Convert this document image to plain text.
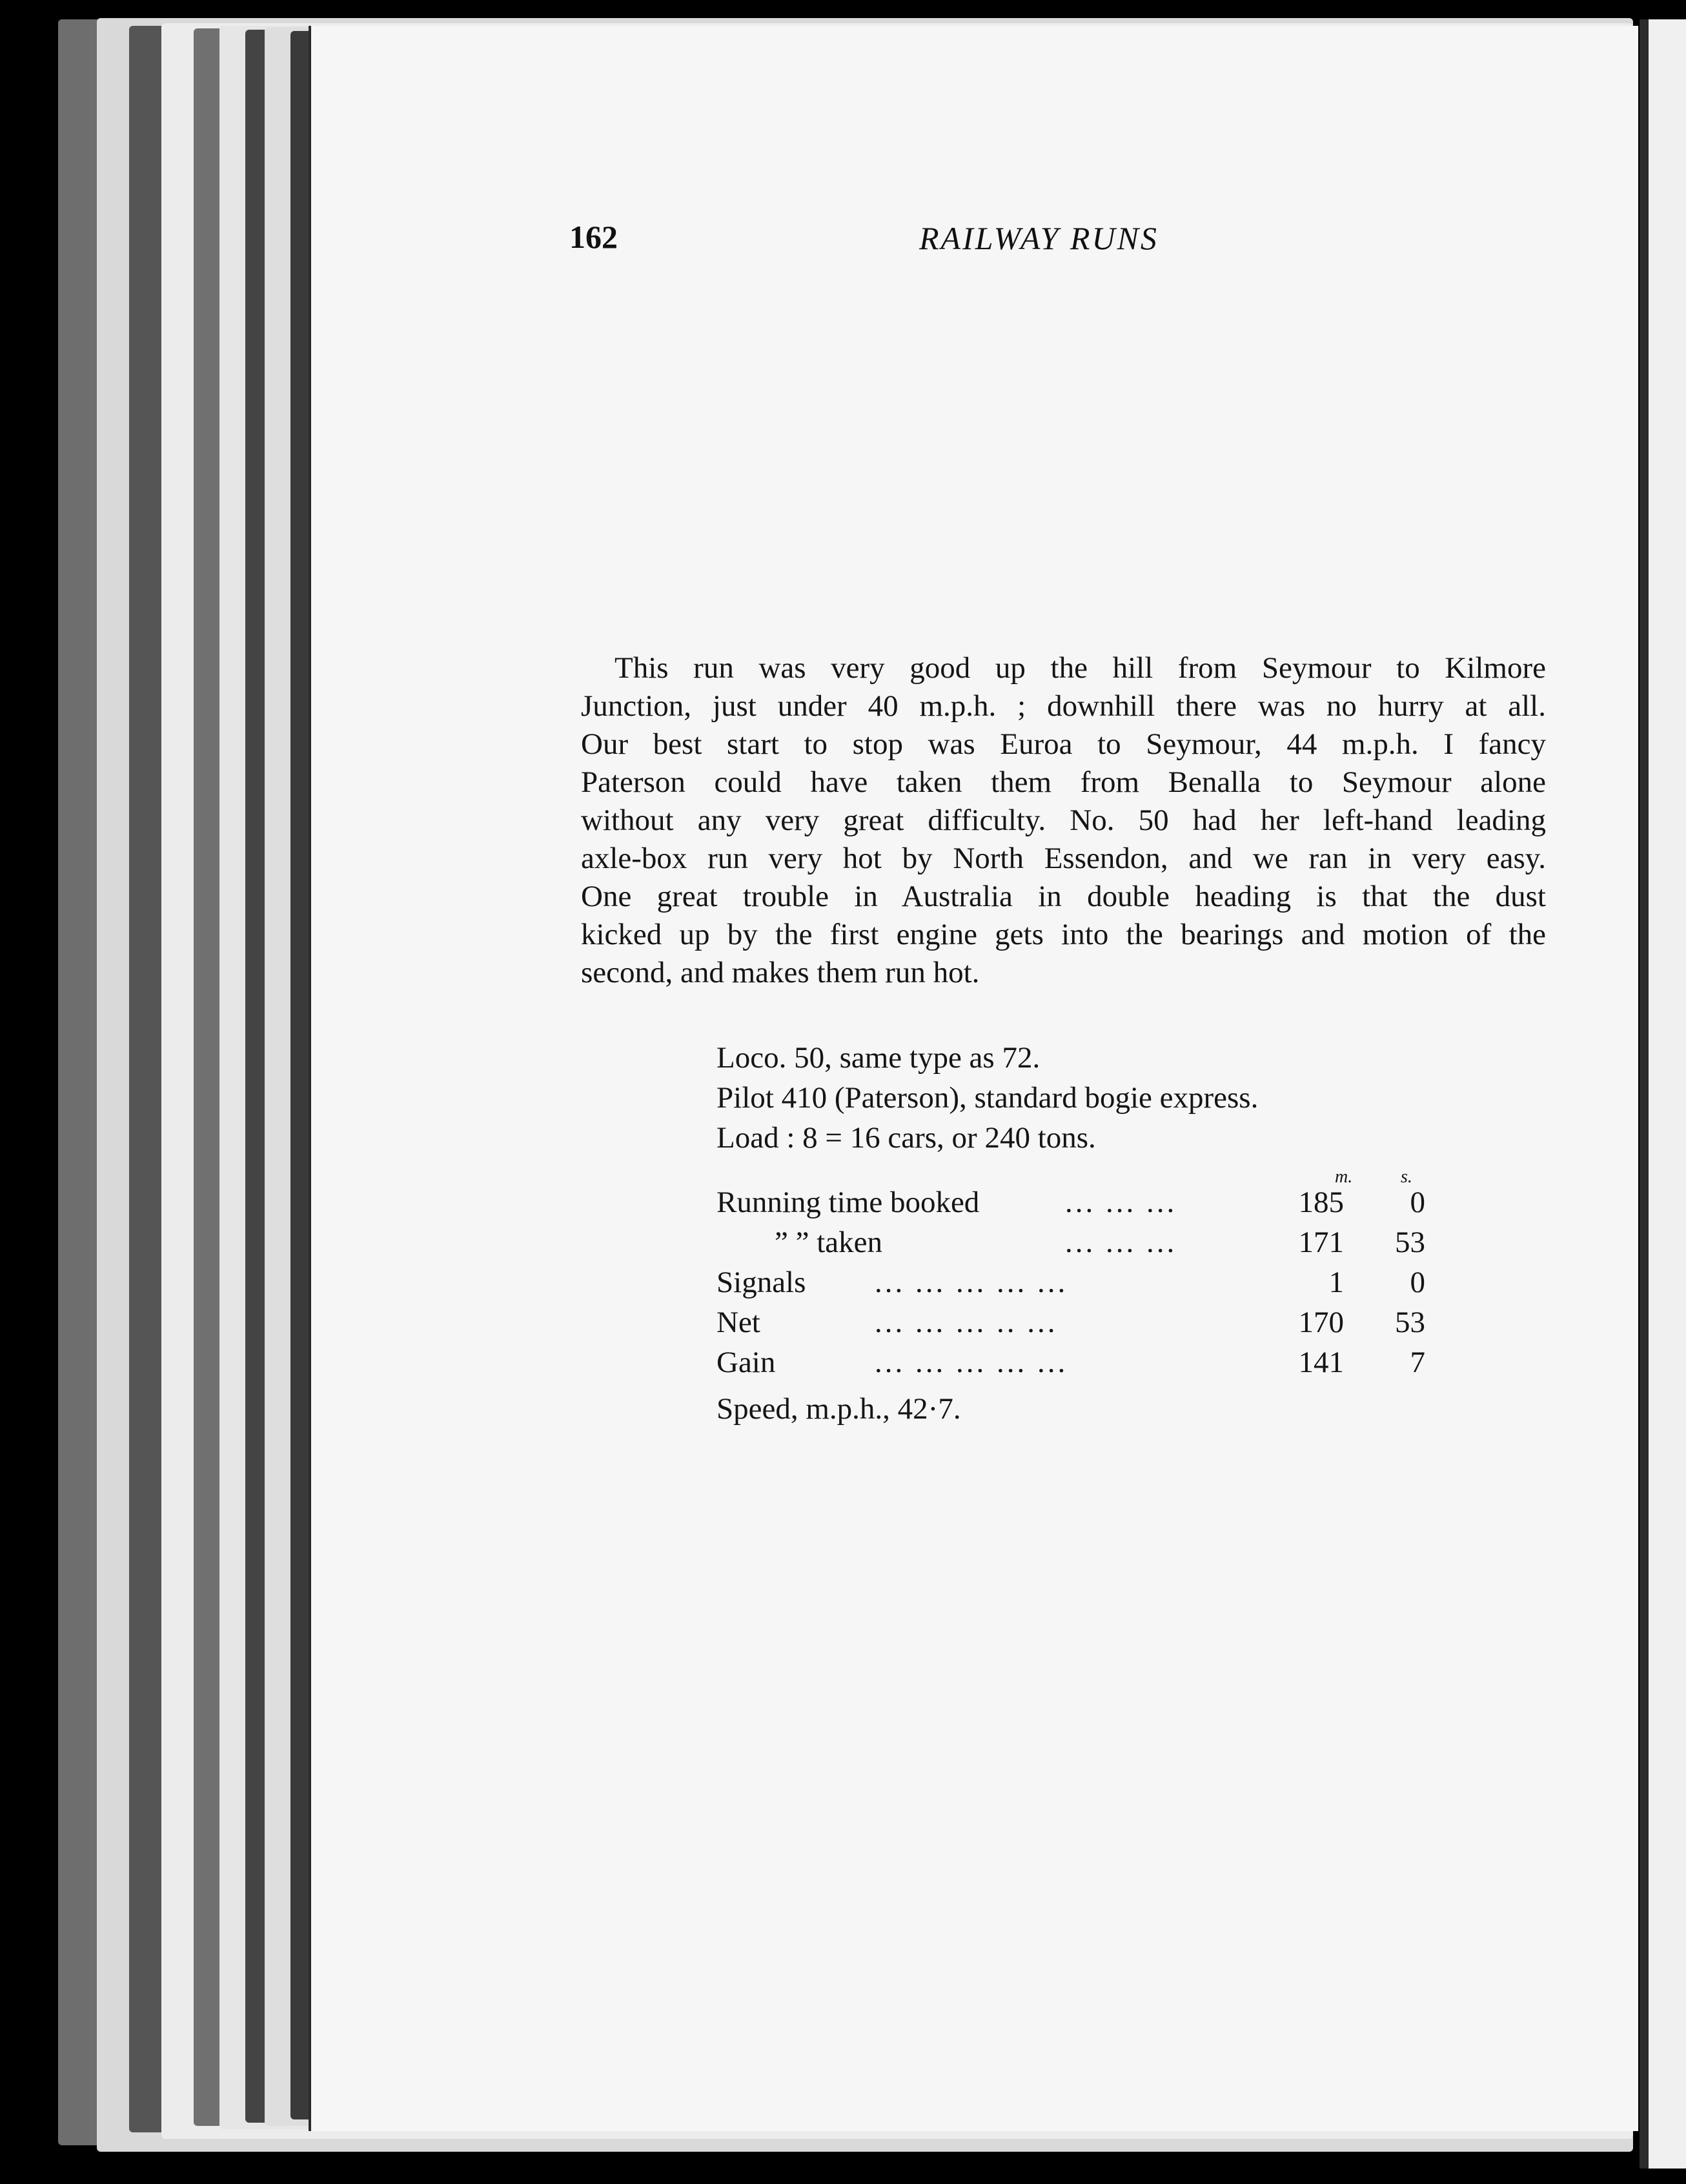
162	RAILWAY RUNS
This run was very good up the hill from Seymour to Kilmore
Junction, just under 40 m.p.h. ; downhill there was no hurry at all.
Our best start to stop was Euroa to Seymour, 44 m.p.h. I fancy
Paterson could have taken them from Benalla to Seymour alone
without any very great difficulty. No. 50 had her left-hand leading
axle-box run very hot by North Essendon, and we ran in very easy.
One great trouble in Australia in double heading is that the dust
kicked up by the first engine gets into the bearings and motion of the
second, and makes them run hot.
Loco. 50, same type as 72.
Pilot 410 (Paterson), standard bogie express.
Load : 8 = 16 cars, or 240 tons.
m.	s.
Running time booked	... ... ...	185 0
” ” taken	... ... ...	171 53
Signals ... ... ... ... ...	1 0
Net	... ... ... .. ...	170 53
Gain	... ... ... ... ...	141 7
Speed, m.p.h., 42·7.
